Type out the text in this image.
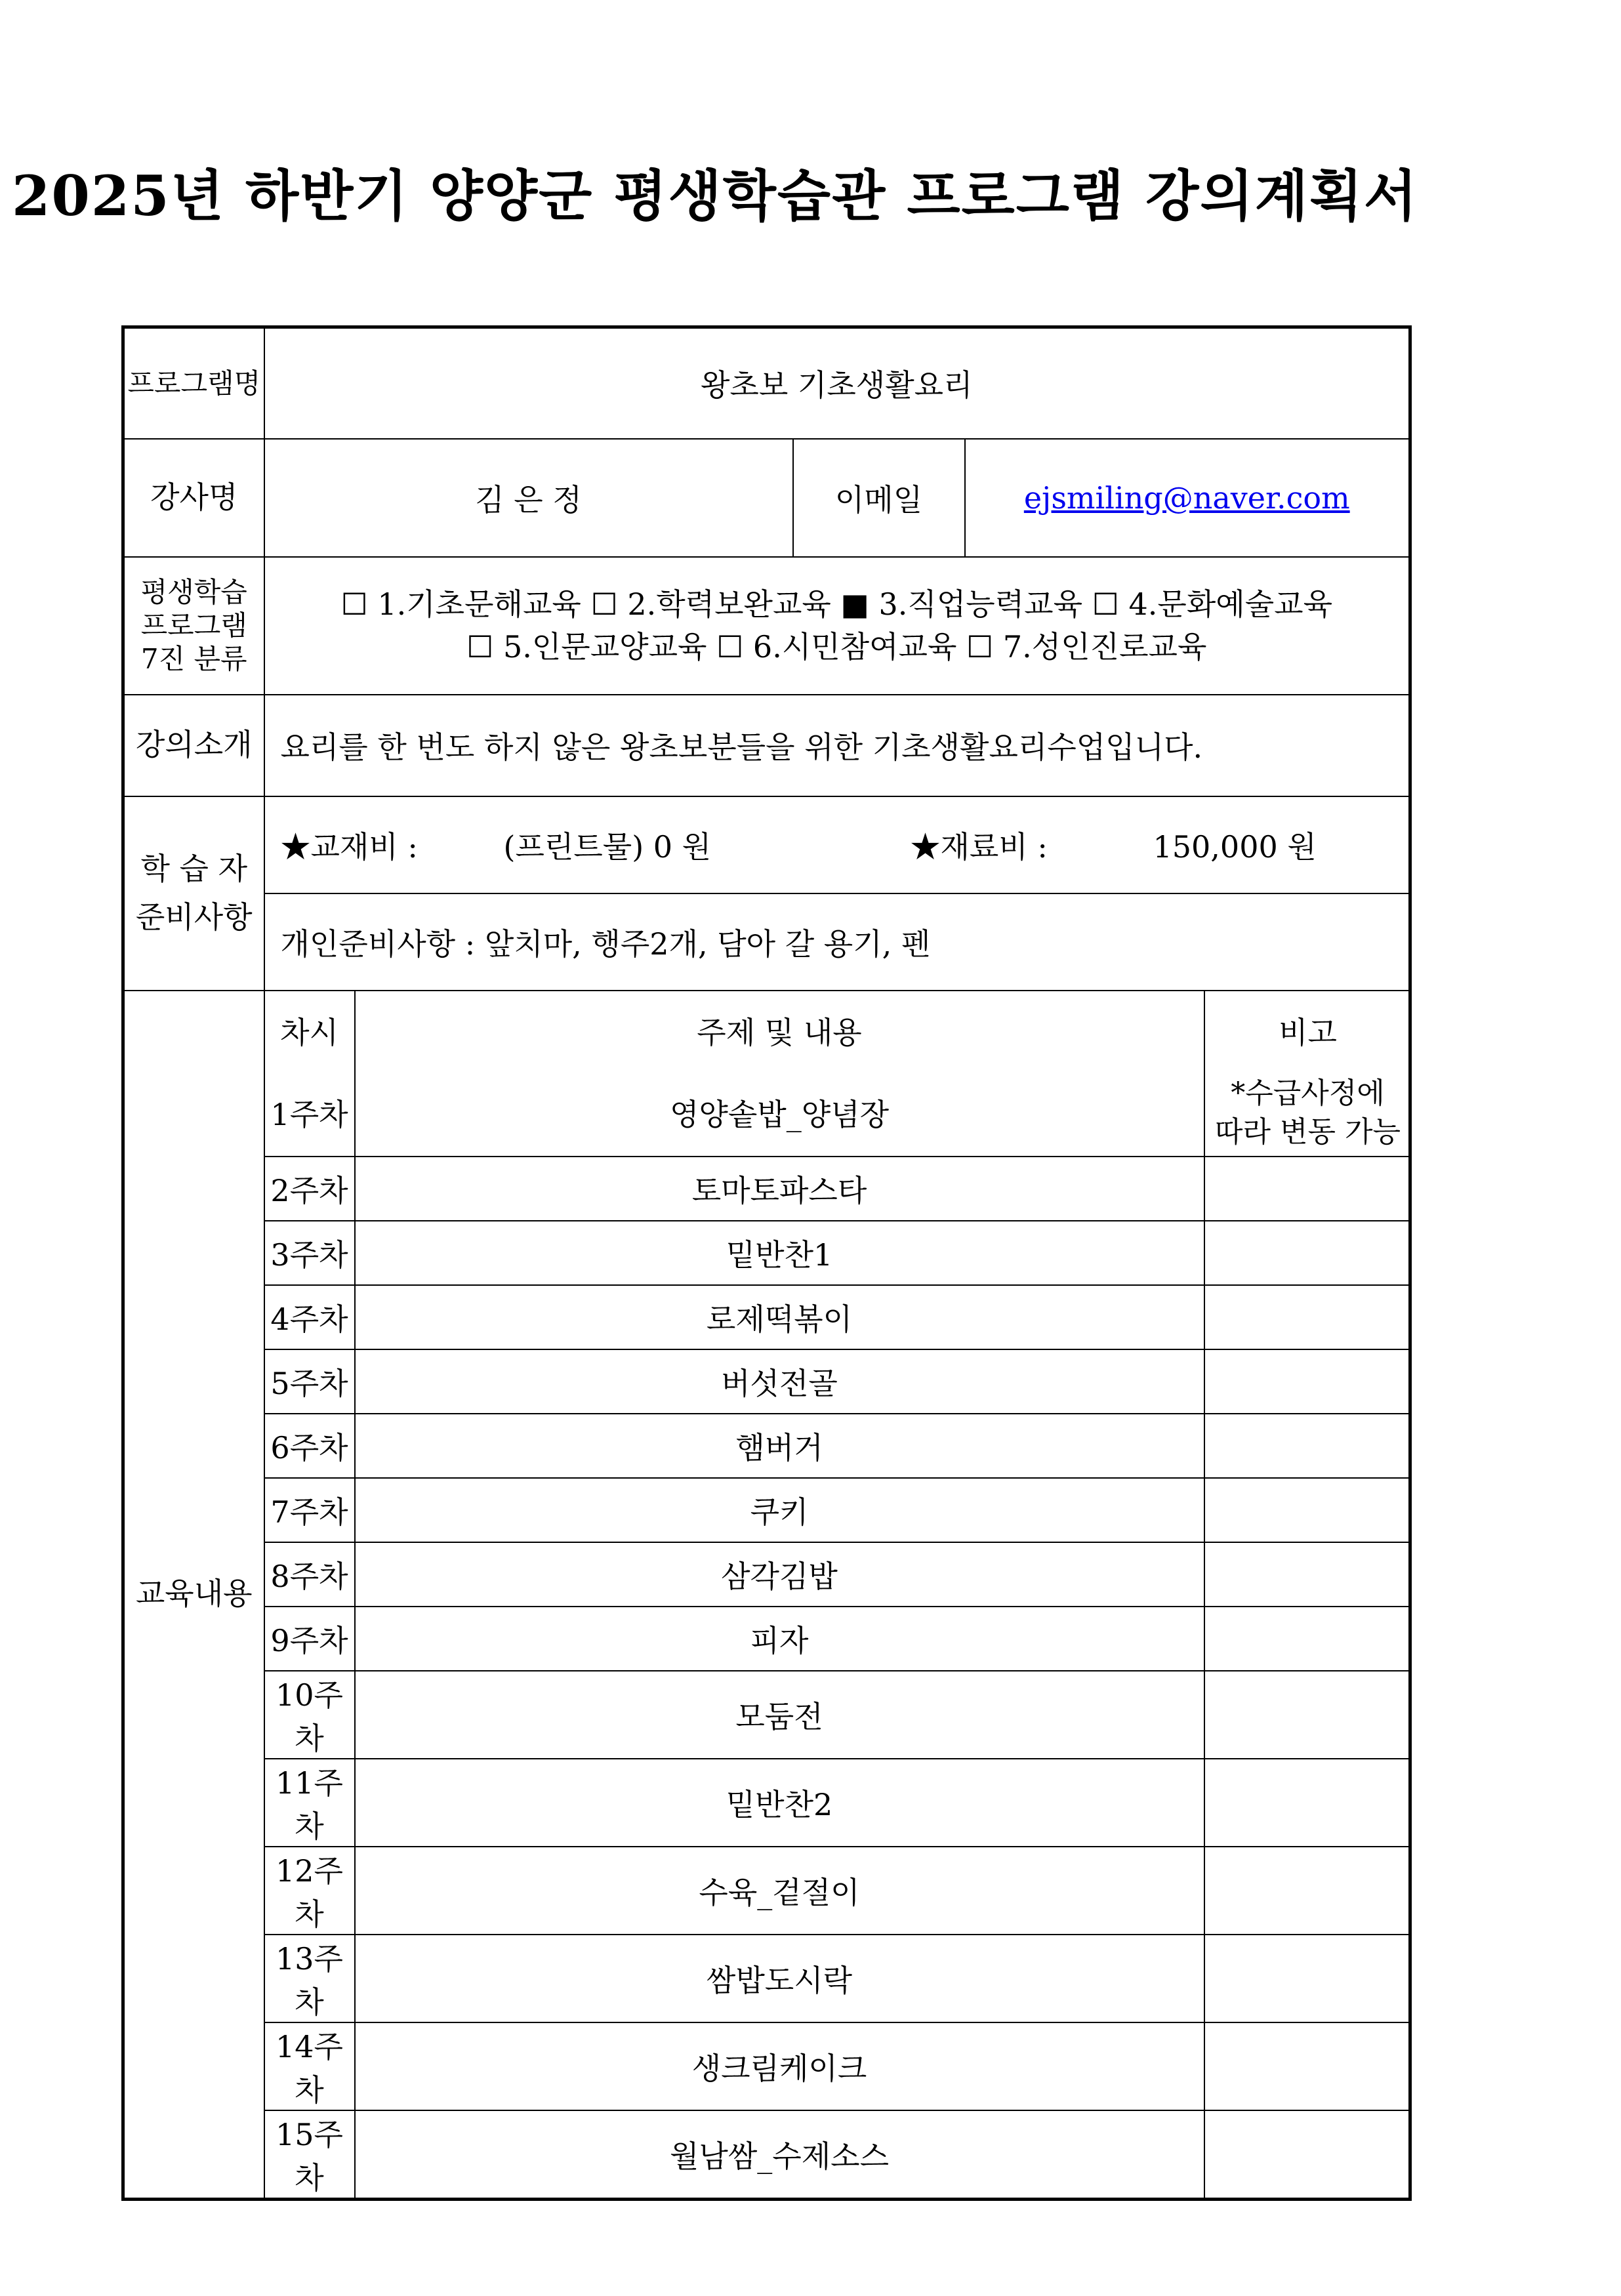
2025년 하반기 양양군 평생학습관 프로그램 강의계획서
프로그램명	왕초보 기초생활요리
강사명	김 은 정	이메일	ejsmiling@naver.com
평생학습
프로그램
7진 분류	
☐ 1.기초문해교육 ☐ 2.학력보완교육 ■ 3.직업능력교육 ☐ 4.문화예술교육
☐ 5.인문교양교육 ☐ 6.시민참여교육 ☐ 7.성인진로교육

강의소개	요리를 한 번도 하지 않은 왕초보분들을 위한 기초생활요리수업입니다.
학 습 자
준비사항	
★교재비 :	(프린트물) 0 원	★재료비 :	150,000 원

개인준비사항 : 앞치마, 행주2개, 담아 갈 용기, 펜
교육내용	
차시	주제 및 내용	비고
1주차	영양솥밥_양념장	*수급사정에
따라 변동 가능
2주차	토마토파스타	
3주차	밑반찬1	
4주차	로제떡볶이	
5주차	버섯전골	
6주차	햄버거	
7주차	쿠키	
8주차	삼각김밥	
9주차	피자	
10주차	모둠전	
11주차	밑반찬2	
12주차	수육_겉절이	
13주차	쌈밥도시락	
14주차	생크림케이크	
15주차	월남쌈_수제소스	
